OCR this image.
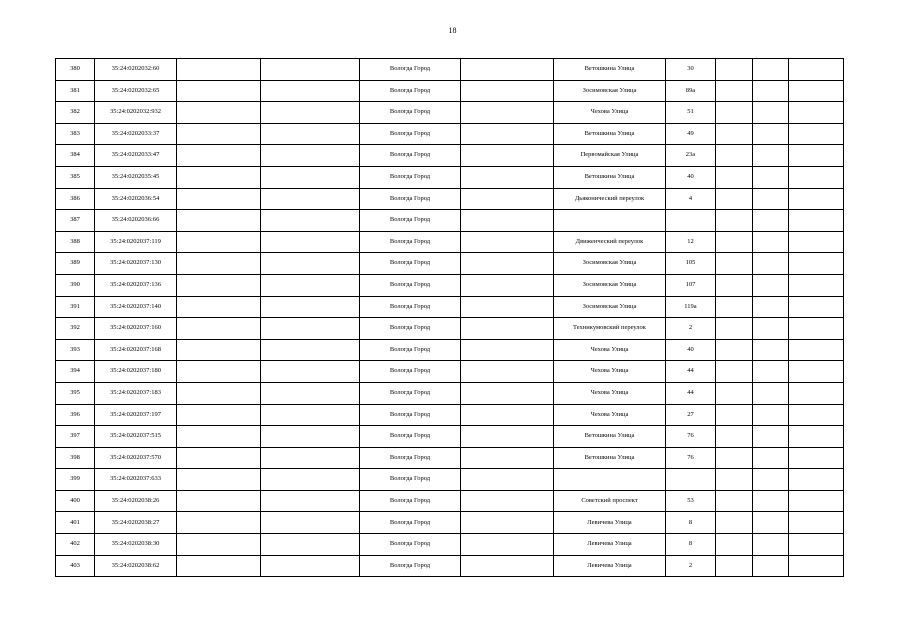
18
380	35:24:0202032:60			Вологда Город		Ветошкина Улица	30			
381	35:24:0202032:65			Вологда Город		Зосимовская Улица	89а			
382	35:24:0202032:932			Вологда Город		Чехова Улица	51			
383	35:24:0202033:37			Вологда Город		Ветошкина Улица	49			
384	35:24:0202033:47			Вологда Город		Первомайская Улица	23а			
385	35:24:0202035:45			Вологда Город		Ветошкина Улица	40			
386	35:24:0202036:54			Вологда Город		Дьяконический переулок	4			
387	35:24:0202036:66			Вологда Город						
388	35:24:0202037:119			Вологда Город		Движенческий переулок	12			
389	35:24:0202037:130			Вологда Город		Зосимовская Улица	105			
390	35:24:0202037:136			Вологда Город		Зосимовская Улица	107			
391	35:24:0202037:140			Вологда Город		Зосимовская Улица	119а			
392	35:24:0202037:160			Вологда Город		Техникумовский переулок	2			
393	35:24:0202037:168			Вологда Город		Чехова Улица	40			
394	35:24:0202037:180			Вологда Город		Чехова Улица	44			
395	35:24:0202037:183			Вологда Город		Чехова Улица	44			
396	35:24:0202037:197			Вологда Город		Чехова Улица	27			
397	35:24:0202037:515			Вологда Город		Ветошкина Улица	76			
398	35:24:0202037:570			Вологда Город		Ветошкина Улица	76			
399	35:24:0202037:633			Вологда Город						
400	35:24:0202038:26			Вологда Город		Советский проспект	53			
401	35:24:0202038:27			Вологда Город		Левичева Улица	8			
402	35:24:0202038:30			Вологда Город		Левичева Улица	8			
403	35:24:0202038:62			Вологда Город		Левичева Улица	2			
